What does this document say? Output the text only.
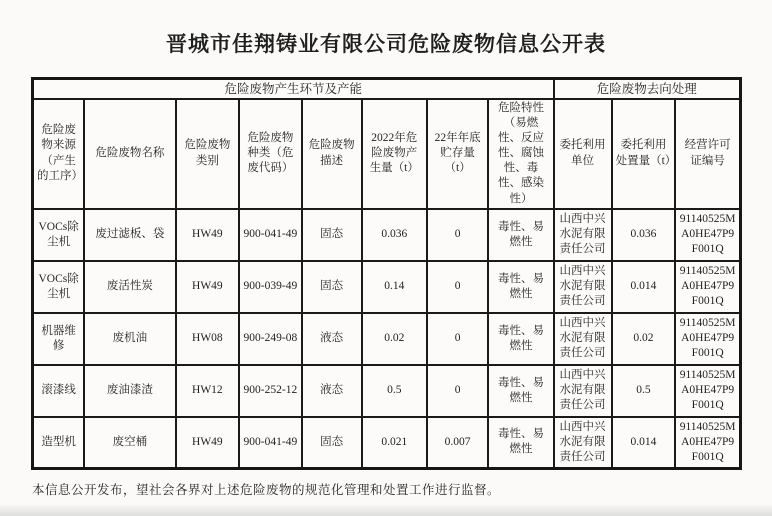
晋城市佳翔铸业有限公司危险废物信息公开表
危险废物产生环节及产能								危险废物去向处理		
危险废物来源（产生的工序）	危险废物名称	危险废物类别	危险废物种类（危废代码）	危险废物描述	2022年危险废物产生量（t）	22年年底贮存量（t）	危险特性（易燃性、反应性、腐蚀性、毒性、感染性）	委托利用单位	委托利用处置量（t）	经营许可证编号
VOCs除尘机	废过滤板、袋	HW49	900-041-49	固态	0.036	0	毒性、易燃性	山西中兴水泥有限责任公司	0.036	91140525MA0HE47P9F001Q
VOCs除尘机	废活性炭	HW49	900-039-49	固态	0.14	0	毒性、易燃性	山西中兴水泥有限责任公司	0.014	91140525MA0HE47P9F001Q
机器维修	废机油	HW08	900-249-08	液态	0.02	0	毒性、易燃性	山西中兴水泥有限责任公司	0.02	91140525MA0HE47P9F001Q
滚漆线	废油漆渣	HW12	900-252-12	液态	0.5	0	毒性、易燃性	山西中兴水泥有限责任公司	0.5	91140525MA0HE47P9F001Q
造型机	废空桶	HW49	900-041-49	固态	0.021	0.007	毒性、易燃性	山西中兴水泥有限责任公司	0.014	91140525MA0HE47P9F001Q

本信息公开发布，望社会各界对上述危险废物的规范化管理和处置工作进行监督。
